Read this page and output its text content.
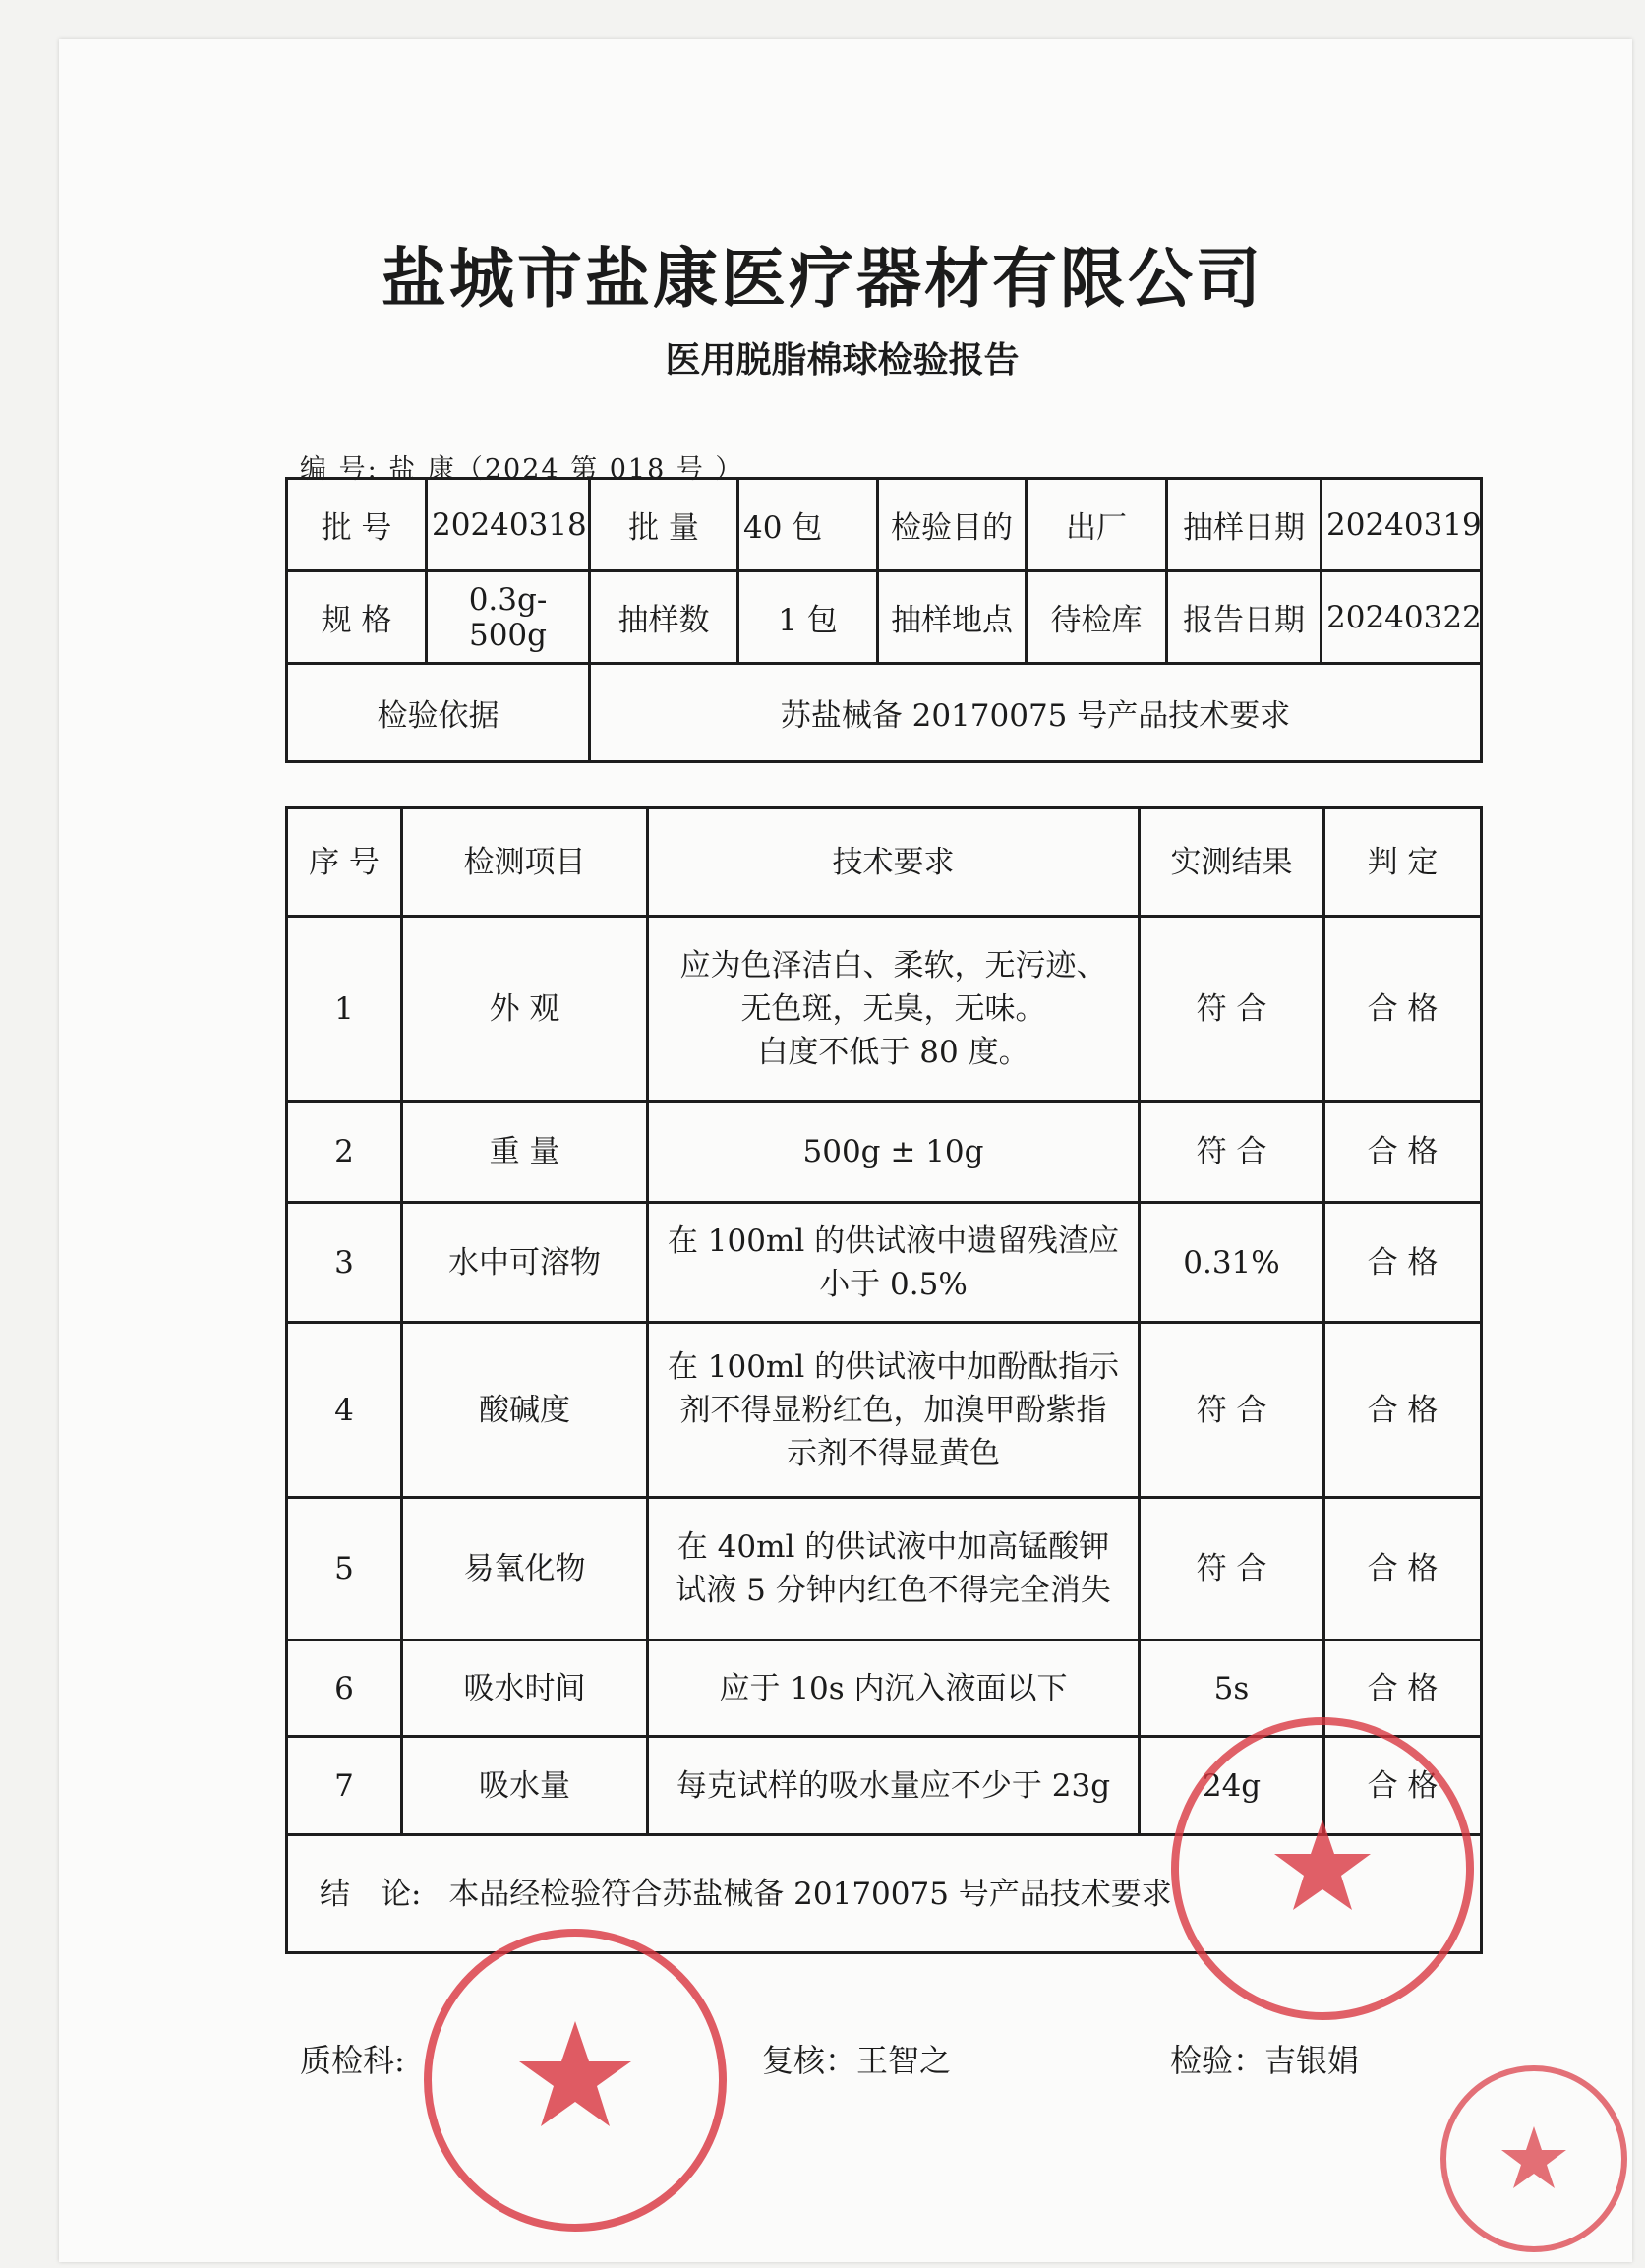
盐城市盐康医疗器材有限公司
医用脱脂棉球检验报告
编 号: 盐 康（2024 第 018 号 ）
批 号	20240318	批 量	40 包	检验目的	出厂	抽样日期	20240319
规 格	0.3g-500g	抽样数	1 包	抽样地点	待检库	报告日期	20240322
检验依据		苏盐械备 20170075 号产品技术要求					
序 号	检测项目	技术要求	实测结果	判 定
1	外 观	应为色泽洁白、柔软，无污迹、
无色斑，无臭，无味。
白度不低于 80 度。	符 合	合 格
2	重 量	500g ± 10g	符 合	合 格
3	水中可溶物	在 100ml 的供试液中遗留残渣应
小于 0.5%	0.31%	合 格
4	酸碱度	在 100ml 的供试液中加酚酞指示
剂不得显粉红色，加溴甲酚紫指
示剂不得显黄色	符 合	合 格
5	易氧化物	在 40ml 的供试液中加高锰酸钾
试液 5 分钟内红色不得完全消失	符 合	合 格
6	吸水时间	应于 10s 内沉入液面以下	5s	合 格
7	吸水量	每克试样的吸水量应不少于 23g	24g	合 格
结　论: 本品经检验符合苏盐械备 20170075 号产品技术要求				
质检科:	复核：王智之	检验：吉银娟
